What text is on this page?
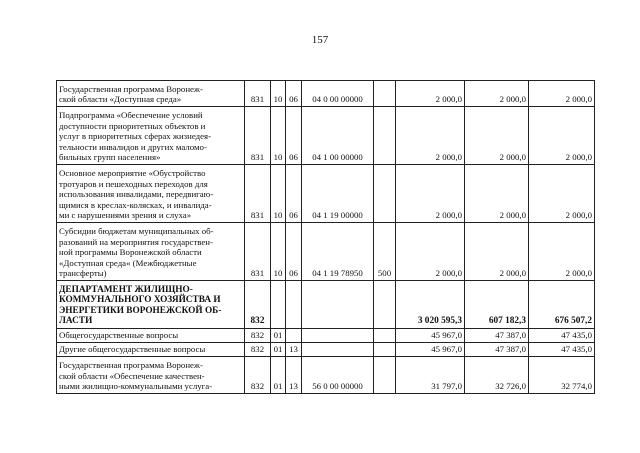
157
Государственная программа Воронеж-
ской области «Доступная среда»	831	10	06	04 0 00 00000		2 000,0	2 000,0	2 000,0

Подпрограмма «Обеспечение условий
доступности приоритетных объектов и
услуг в приоритетных сферах жизнедея-
тельности инвалидов и других маломо-
бильных групп населения»	831	10	06	04 1 00 00000		2 000,0	2 000,0	2 000,0

Основное мероприятие «Обустройство
тротуаров и пешеходных переходов для
использования инвалидами, передвигаю-
щимися в креслах-колясках, и инвалида-
ми с нарушениями зрения и слуха»	831	10	06	04 1 19 00000		2 000,0	2 000,0	2 000,0

Субсидии бюджетам муниципальных об-
разований на мероприятия государствен-
ной программы Воронежской области
«Доступная среда« (Межбюджетные
трансферты)	831	10	06	04 1 19 78950	500	2 000,0	2 000,0	2 000,0

ДЕПАРТАМЕНТ ЖИЛИЩНО-
КОММУНАЛЬНОГО ХОЗЯЙСТВА И
ЭНЕРГЕТИКИ ВОРОНЕЖСКОЙ ОБ-
ЛАСТИ	832					3 020 595,3	607 182,3	676 507,2

Общегосударственные вопросы	832	01				45 967,0	47 387,0	47 435,0

Другие общегосударственные вопросы	832	01	13			45 967,0	47 387,0	47 435,0

Государственная программа Воронеж-
ской области «Обеспечение качествен-
ными жилищно-коммунальными услуга-	832	01	13	56 0 00 00000		31 797,0	32 726,0	32 774,0
